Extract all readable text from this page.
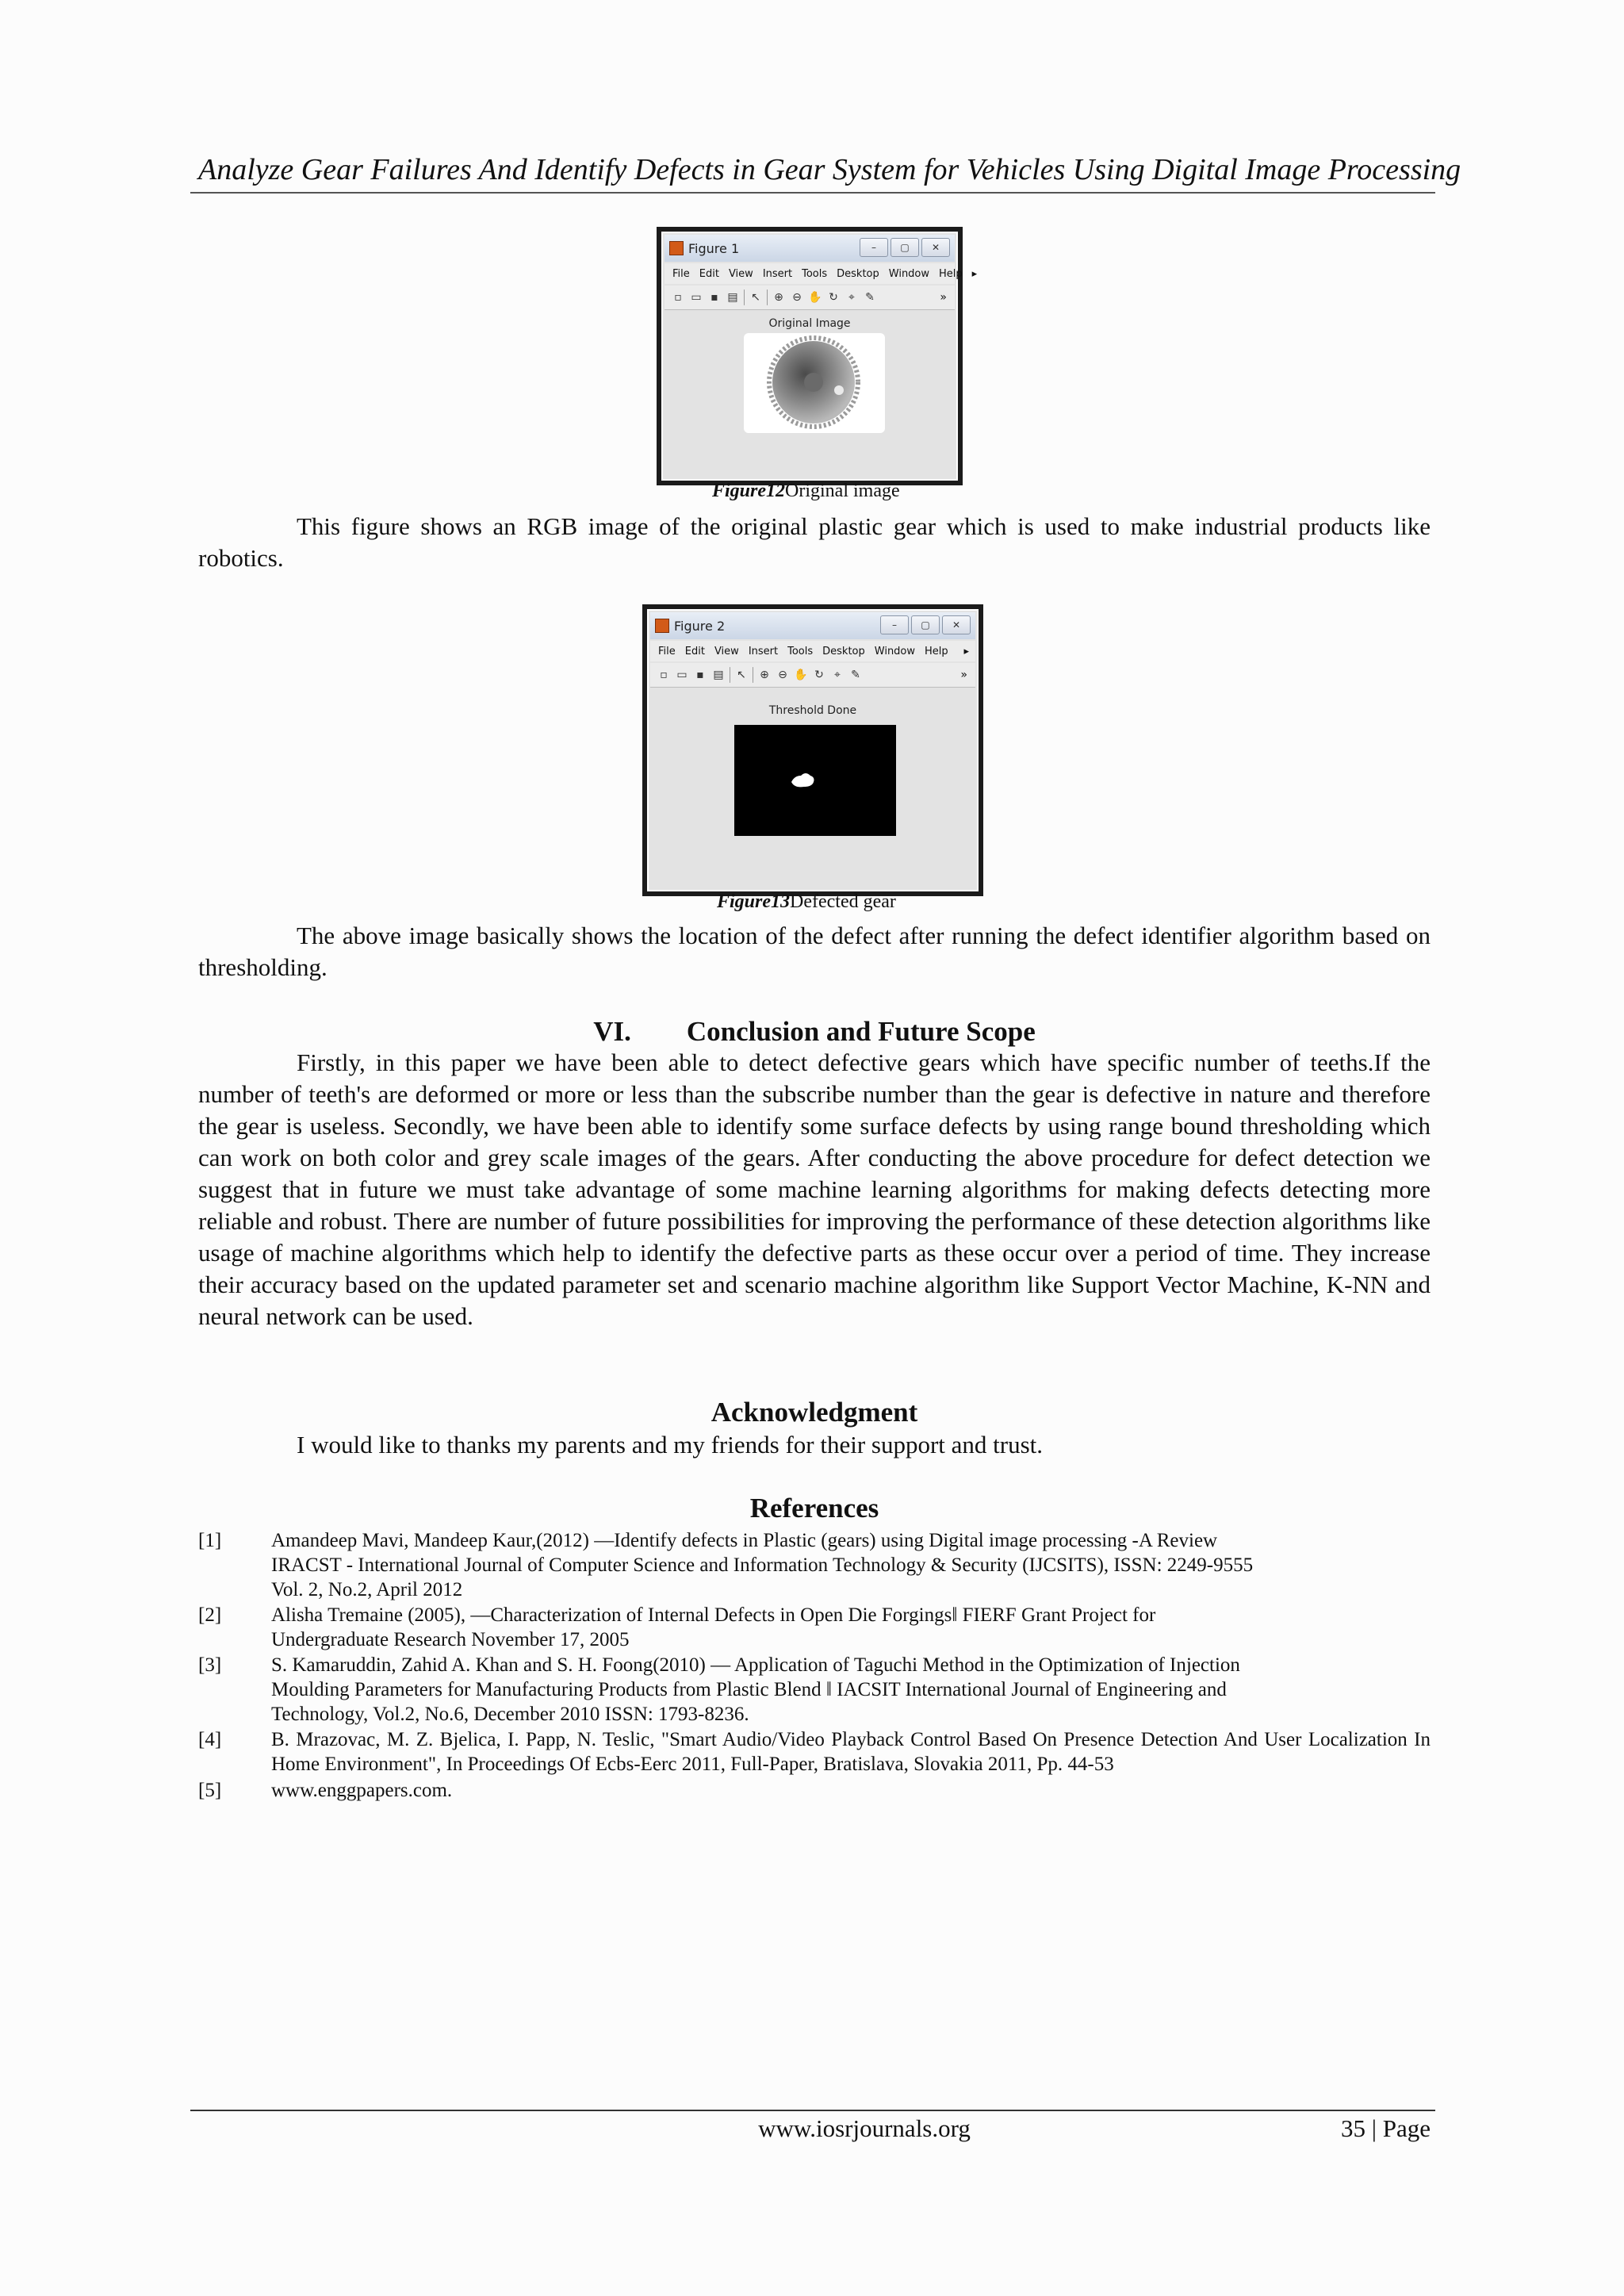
Analyze Gear Failures And Identify Defects in Gear System for Vehicles Using Digital Image Processing
Figure 1	–	▢	✕
File Edit View Insert Tools Desktop Window Help ▸
▫ ▭ ▪ ▤ ↖ ⊕ ⊖ ✋ ↻ ⌖ ✎	»
Original Image
Figure12Original image
This figure shows an RGB image of the original plastic gear which is used to make industrial products like robotics.
Figure 2	–	▢	✕
File Edit View Insert Tools Desktop Window Help ▸
▫ ▭ ▪ ▤ ↖ ⊕ ⊖ ✋ ↻ ⌖ ✎	»
Threshold Done
Figure13Defected gear
The above image basically shows the location of the defect after running the defect identifier algorithm based on thresholding.
VI. Conclusion and Future Scope
Firstly, in this paper we have been able to detect defective gears which have specific number of teeths.If the number of teeth's are deformed or more or less than the subscribe number than the gear is defective in nature and therefore the gear is useless. Secondly, we have been able to identify some surface defects by using range bound thresholding which can work on both color and grey scale images of the gears. After conducting the above procedure for defect detection we suggest that in future we must take advantage of some machine learning algorithms for making defects detecting more reliable and robust. There are number of future possibilities for improving the performance of these detection algorithms like usage of machine algorithms which help to identify the defective parts as these occur over a period of time. They increase their accuracy based on the updated parameter set and scenario machine algorithm like Support Vector Machine, K-NN and neural network can be used.
Acknowledgment
I would like to thanks my parents and my friends for their support and trust.
References
[1]	Amandeep Mavi, Mandeep Kaur,(2012) ―Identify defects in Plastic (gears) using Digital image processing -A Review
IRACST - International Journal of Computer Science and Information Technology & Security (IJCSITS), ISSN: 2249-9555
Vol. 2, No.2, April 2012
[2]	Alisha Tremaine (2005), ―Characterization of Internal Defects in Open Die Forgings‖ FIERF Grant Project for
Undergraduate Research November 17, 2005
[3]	S. Kamaruddin, Zahid A. Khan and S. H. Foong(2010) ― Application of Taguchi Method in the Optimization of Injection
Moulding Parameters for Manufacturing Products from Plastic Blend ‖ IACSIT International Journal of Engineering and
Technology, Vol.2, No.6, December 2010 ISSN: 1793-8236.
[4]	B. Mrazovac, M. Z. Bjelica, I. Papp, N. Teslic, "Smart Audio/Video Playback Control Based On Presence Detection And User Localization In Home Environment", In Proceedings Of Ecbs-Eerc 2011, Full-Paper, Bratislava, Slovakia 2011, Pp. 44-53
[5]	www.enggpapers.com.
www.iosrjournals.org	35 | Page
